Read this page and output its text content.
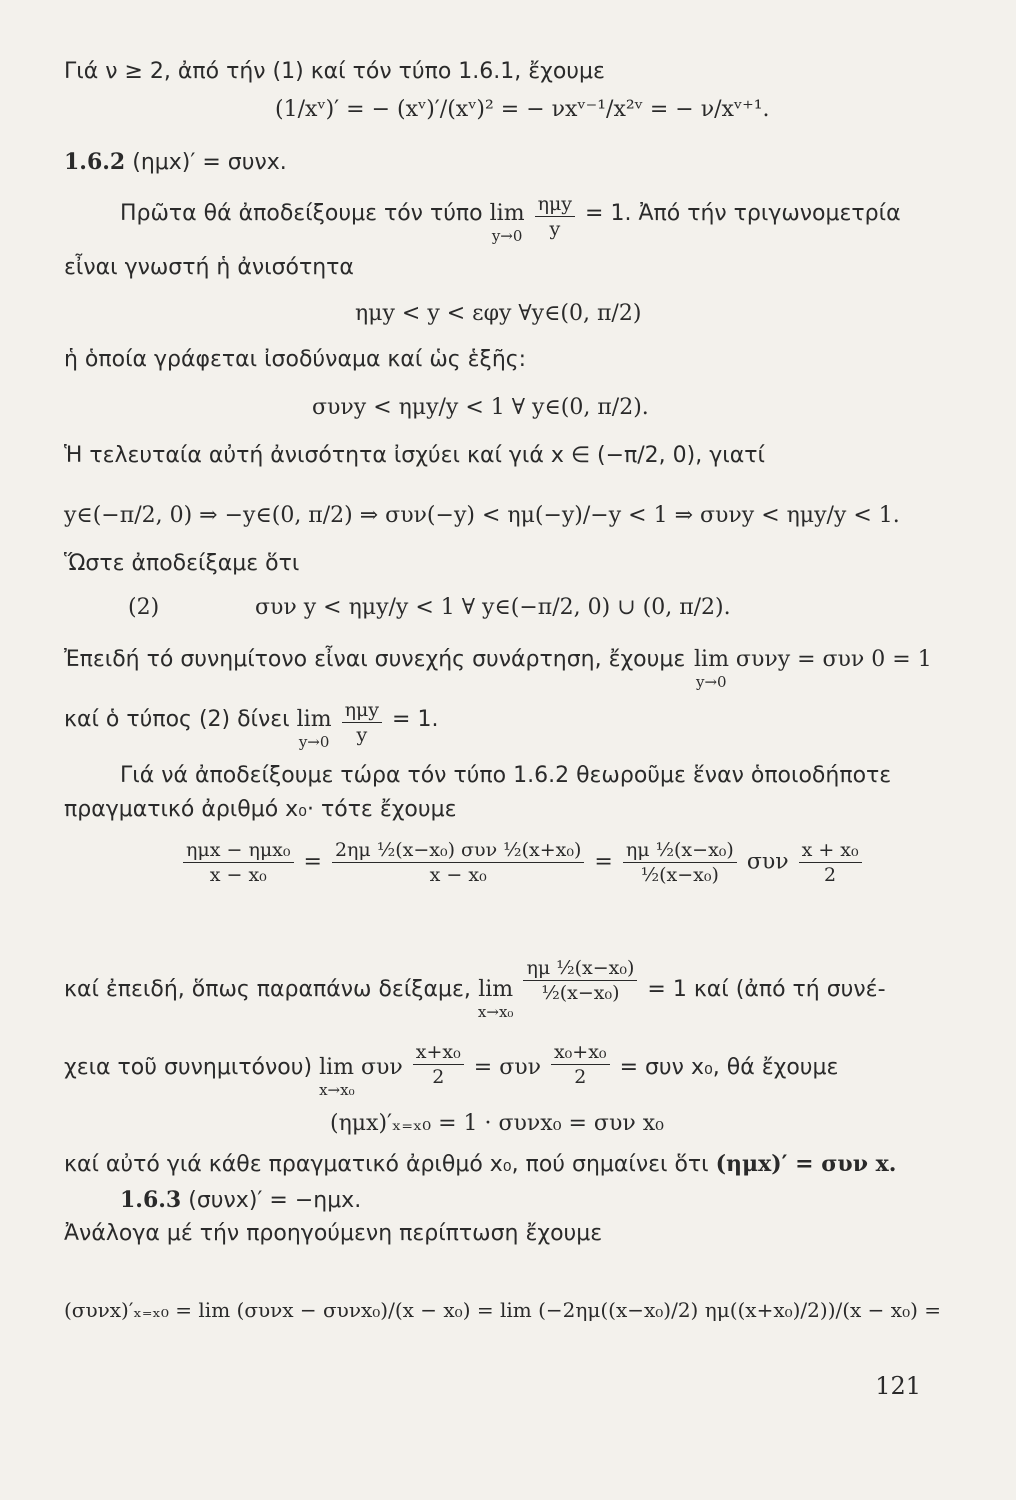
Γιά ν ≥ 2, ἀπό τήν (1) καί τόν τύπο 1.6.1, ἔχουμε
(1/xᵛ)′ = − (xᵛ)′/(xᵛ)² = − νxᵛ⁻¹/x²ᵛ = − ν/xᵛ⁺¹.
1.6.2 (ημx)′ = συνx.
Πρῶτα θά ἀποδείξουμε τόν τύπο lim
y→0
$\frac{\text{ημy}}{y} = 1$. Ἀπό τήν τριγωνομετρία
εἶναι γνωστή ἡ ἀνισότητα
ημy < y < εφy ∀y∈(0, π/2)
ἡ ὁποία γράφεται ἰσοδύναμα καί ὡς ἑξῆς:
συνy < ημy/y < 1 ∀ y∈(0, π/2).
Ἡ τελευταία αὐτή ἀνισότητα ἰσχύει καί γιά x ∈ (−π/2, 0), γιατί
y∈(−π/2, 0) ⇒ −y∈(0, π/2) ⇒ συν(−y) < ημ(−y)/−y < 1 ⇒ συνy < ημy/y < 1.
Ὥστε ἀποδείξαμε ὅτι
(2)	συν y < ημy/y < 1 ∀ y∈(−π/2, 0) ∪ (0, π/2).
Ἐπειδή τό συνημίτονο εἶναι συνεχής συνάρτηση, ἔχουμε lim συνy = συν 0 = 1
y→0
καί ὁ τύπος (2) δίνει lim
y→0
$\frac{\text{ημy}}{y} = 1$.
Γιά νά ἀποδείξουμε τώρα τόν τύπο 1.6.2 θεωροῦμε ἕναν ὁποιοδήποτε
πραγματικό ἀριθμό x₀· τότε ἔχουμε
$\frac{\text{ημx − ημx₀}}{\text{x − x₀}} = \frac{\text{2ημ ½(x−x₀) συν ½(x+x₀)}}{\text{x − x₀}} = \frac{\text{ημ ½(x−x₀)}}{\text{½(x−x₀)}}$ συν $\frac{\text{x + x₀}}{2}$
καί ἐπειδή, ὅπως παραπάνω δείξαμε, lim
x→x₀

$\frac{\text{ημ ½(x−x₀)}}{\text{½(x−x₀)}} = 1$ καί (ἀπό τή συνέ-
χεια τοῦ συνημιτόνου) lim συν
x→x₀

$\frac{\text{x+x₀}}{2} = \sigma\upsilon\nu \frac{\text{x₀+x₀}}{2} = \sigma\upsilon\nu$ x₀, θά ἔχουμε
(ημx)′ₓ₌ₓ₀ = 1 · συνx₀ = συν x₀
καί αὐτό γιά κάθε πραγματικό ἀριθμό x₀, πού σημαίνει ὅτι (ημx)′ = συν x.
1.6.3 (συνx)′ = −ημx.
Ἀνάλογα μέ τήν προηγούμενη περίπτωση ἔχουμε
(συνx)′ₓ₌ₓ₀ = lim (συνx − συνx₀)/(x − x₀) = lim (−2ημ((x−x₀)/2) ημ((x+x₀)/2))/(x − x₀) =
121
